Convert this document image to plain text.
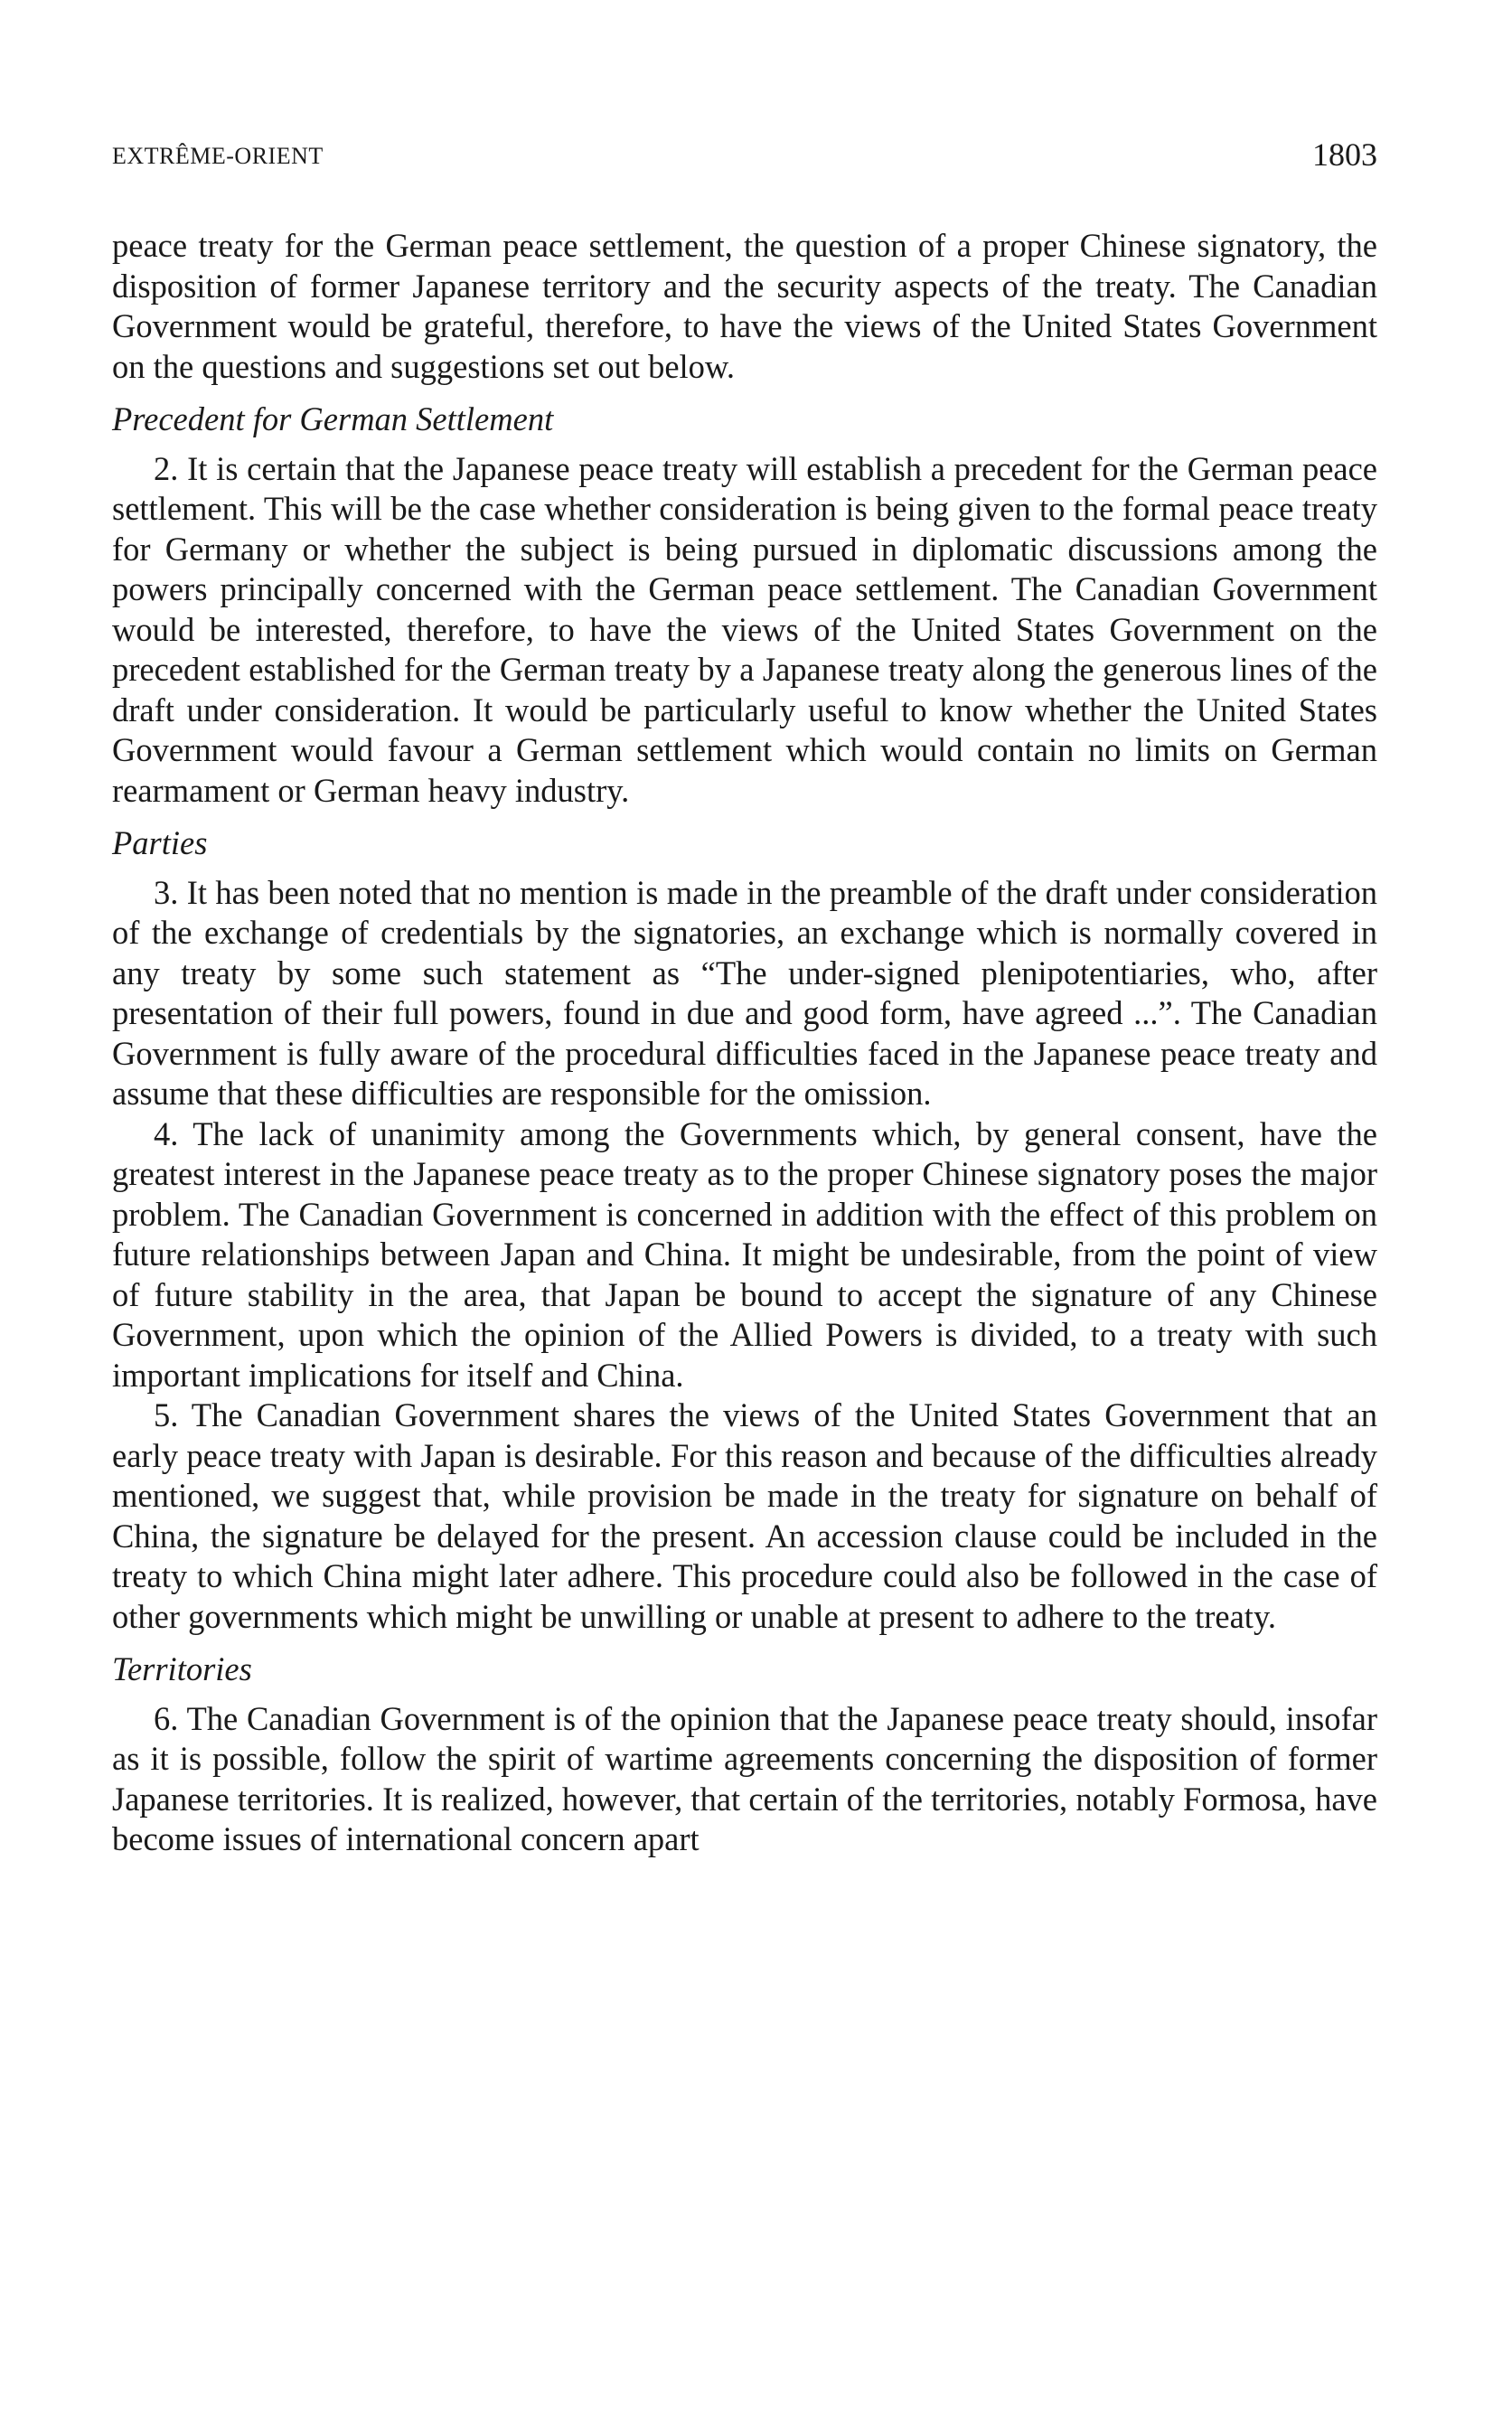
EXTRÊME-ORIENT	1803

peace treaty for the German peace settlement, the question of a proper Chinese signatory, the disposition of former Japanese territory and the security aspects of the treaty. The Canadian Government would be grateful, therefore, to have the views of the United States Government on the questions and suggestions set out below.

Precedent for German Settlement

2. It is certain that the Japanese peace treaty will establish a precedent for the German peace settlement. This will be the case whether consideration is being given to the formal peace treaty for Germany or whether the subject is being pursued in diplomatic discussions among the powers principally concerned with the German peace settlement. The Canadian Government would be interested, therefore, to have the views of the United States Government on the precedent established for the German treaty by a Japanese treaty along the generous lines of the draft under consideration. It would be particularly useful to know whether the United States Government would favour a German settlement which would contain no limits on German rearmament or German heavy industry.

Parties

3. It has been noted that no mention is made in the preamble of the draft under consideration of the exchange of credentials by the signatories, an exchange which is normally covered in any treaty by some such statement as “The under-signed plenipotentiaries, who, after presentation of their full powers, found in due and good form, have agreed ...”. The Canadian Government is fully aware of the procedural difficulties faced in the Japanese peace treaty and assume that these difficulties are responsible for the omission.

4. The lack of unanimity among the Governments which, by general consent, have the greatest interest in the Japanese peace treaty as to the proper Chinese signatory poses the major problem. The Canadian Government is concerned in addition with the effect of this problem on future relationships between Japan and China. It might be undesirable, from the point of view of future stability in the area, that Japan be bound to accept the signature of any Chinese Government, upon which the opinion of the Allied Powers is divided, to a treaty with such important implications for itself and China.

5. The Canadian Government shares the views of the United States Government that an early peace treaty with Japan is desirable. For this reason and because of the difficulties already mentioned, we suggest that, while provision be made in the treaty for signature on behalf of China, the signature be delayed for the present. An accession clause could be included in the treaty to which China might later adhere. This procedure could also be followed in the case of other governments which might be unwilling or unable at present to adhere to the treaty.

Territories

6. The Canadian Government is of the opinion that the Japanese peace treaty should, insofar as it is possible, follow the spirit of wartime agreements concerning the disposition of former Japanese territories. It is realized, however, that certain of the territories, notably Formosa, have become issues of international concern apart
